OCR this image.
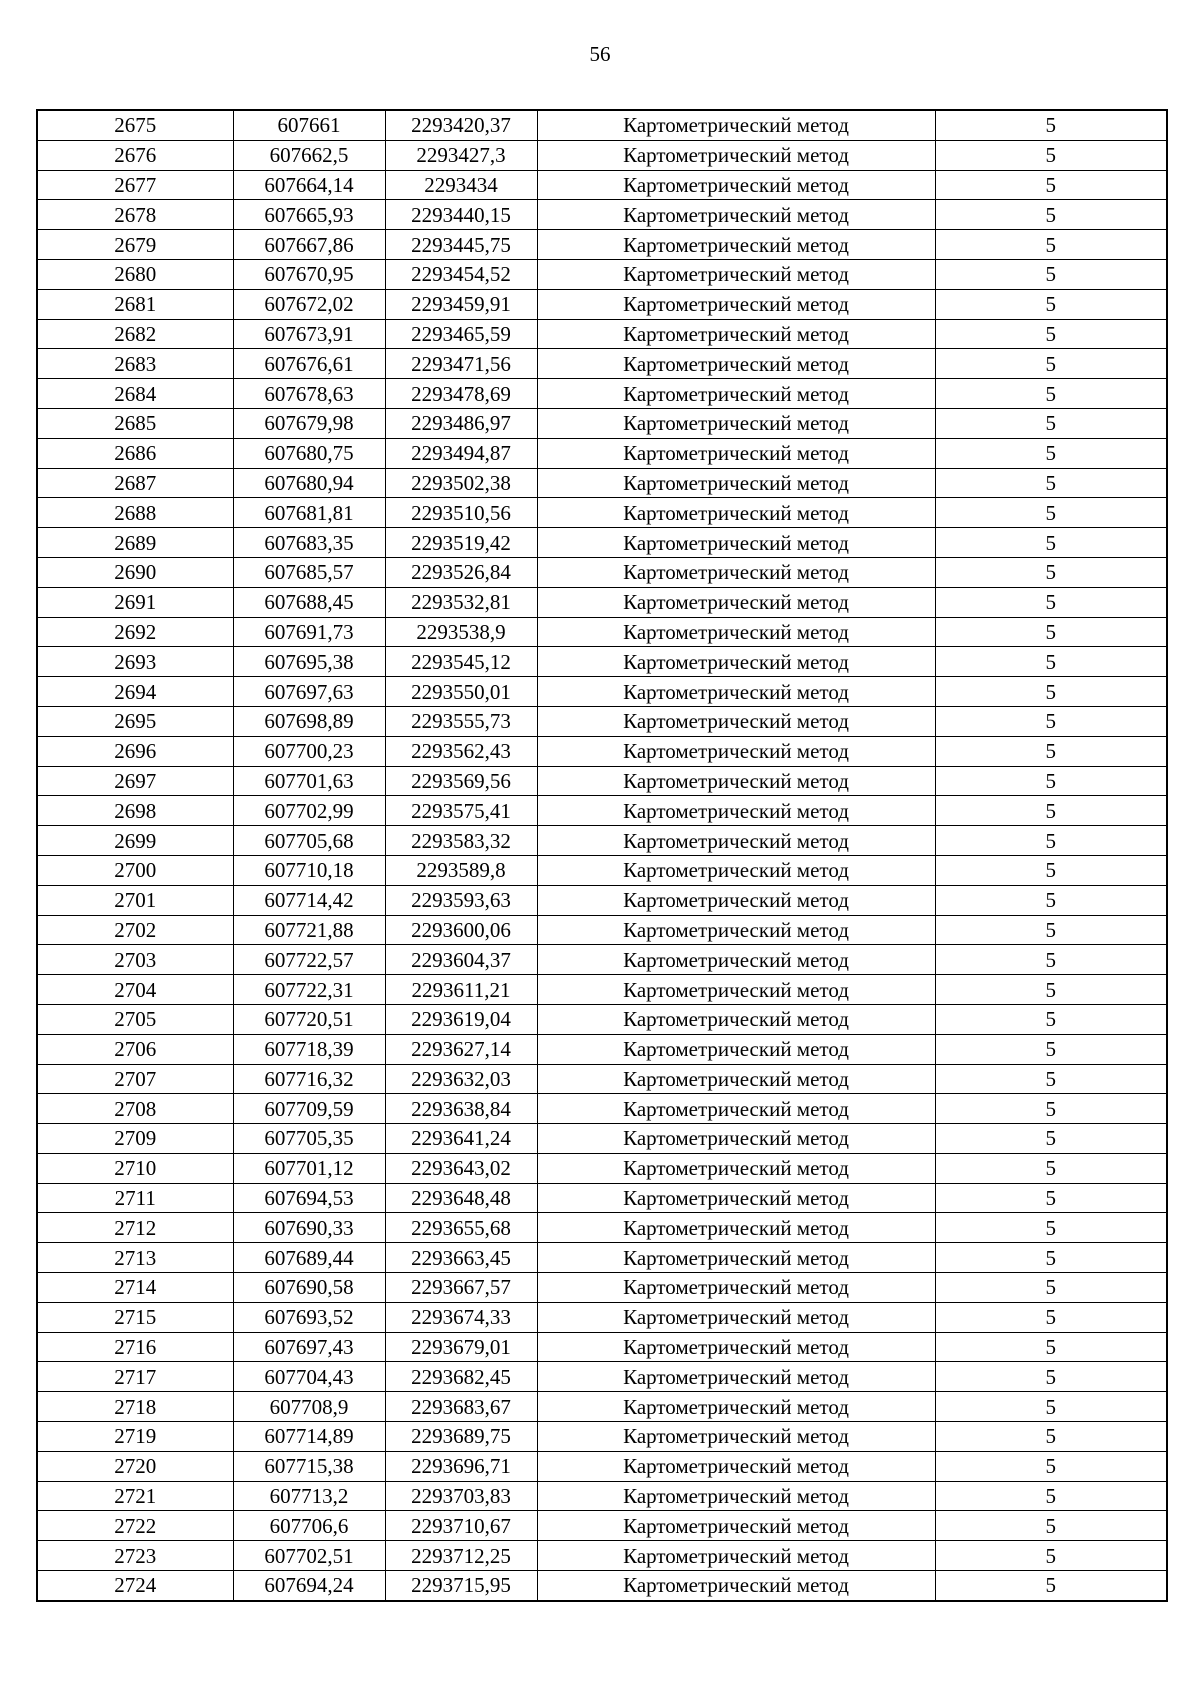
56
2675	607661	2293420,37	Картометрический метод	5
2676	607662,5	2293427,3	Картометрический метод	5
2677	607664,14	2293434	Картометрический метод	5
2678	607665,93	2293440,15	Картометрический метод	5
2679	607667,86	2293445,75	Картометрический метод	5
2680	607670,95	2293454,52	Картометрический метод	5
2681	607672,02	2293459,91	Картометрический метод	5
2682	607673,91	2293465,59	Картометрический метод	5
2683	607676,61	2293471,56	Картометрический метод	5
2684	607678,63	2293478,69	Картометрический метод	5
2685	607679,98	2293486,97	Картометрический метод	5
2686	607680,75	2293494,87	Картометрический метод	5
2687	607680,94	2293502,38	Картометрический метод	5
2688	607681,81	2293510,56	Картометрический метод	5
2689	607683,35	2293519,42	Картометрический метод	5
2690	607685,57	2293526,84	Картометрический метод	5
2691	607688,45	2293532,81	Картометрический метод	5
2692	607691,73	2293538,9	Картометрический метод	5
2693	607695,38	2293545,12	Картометрический метод	5
2694	607697,63	2293550,01	Картометрический метод	5
2695	607698,89	2293555,73	Картометрический метод	5
2696	607700,23	2293562,43	Картометрический метод	5
2697	607701,63	2293569,56	Картометрический метод	5
2698	607702,99	2293575,41	Картометрический метод	5
2699	607705,68	2293583,32	Картометрический метод	5
2700	607710,18	2293589,8	Картометрический метод	5
2701	607714,42	2293593,63	Картометрический метод	5
2702	607721,88	2293600,06	Картометрический метод	5
2703	607722,57	2293604,37	Картометрический метод	5
2704	607722,31	2293611,21	Картометрический метод	5
2705	607720,51	2293619,04	Картометрический метод	5
2706	607718,39	2293627,14	Картометрический метод	5
2707	607716,32	2293632,03	Картометрический метод	5
2708	607709,59	2293638,84	Картометрический метод	5
2709	607705,35	2293641,24	Картометрический метод	5
2710	607701,12	2293643,02	Картометрический метод	5
2711	607694,53	2293648,48	Картометрический метод	5
2712	607690,33	2293655,68	Картометрический метод	5
2713	607689,44	2293663,45	Картометрический метод	5
2714	607690,58	2293667,57	Картометрический метод	5
2715	607693,52	2293674,33	Картометрический метод	5
2716	607697,43	2293679,01	Картометрический метод	5
2717	607704,43	2293682,45	Картометрический метод	5
2718	607708,9	2293683,67	Картометрический метод	5
2719	607714,89	2293689,75	Картометрический метод	5
2720	607715,38	2293696,71	Картометрический метод	5
2721	607713,2	2293703,83	Картометрический метод	5
2722	607706,6	2293710,67	Картометрический метод	5
2723	607702,51	2293712,25	Картометрический метод	5
2724	607694,24	2293715,95	Картометрический метод	5
